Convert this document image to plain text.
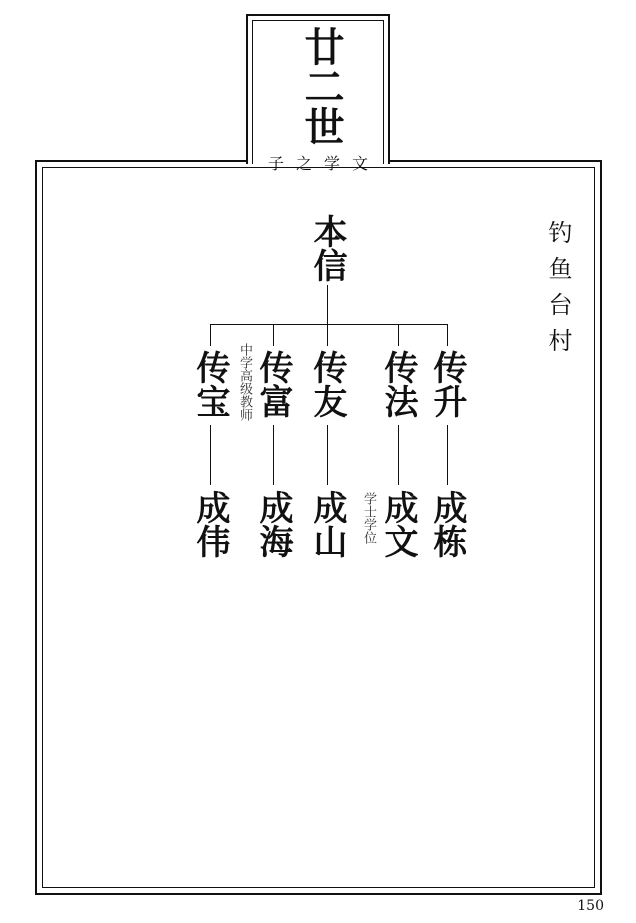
廿二世
子之学文
钓鱼台村
本信
传宝 传富 传友 传法 传升
中学高级教师
成伟 成海 成山 成文 成栋
学士学位
150
